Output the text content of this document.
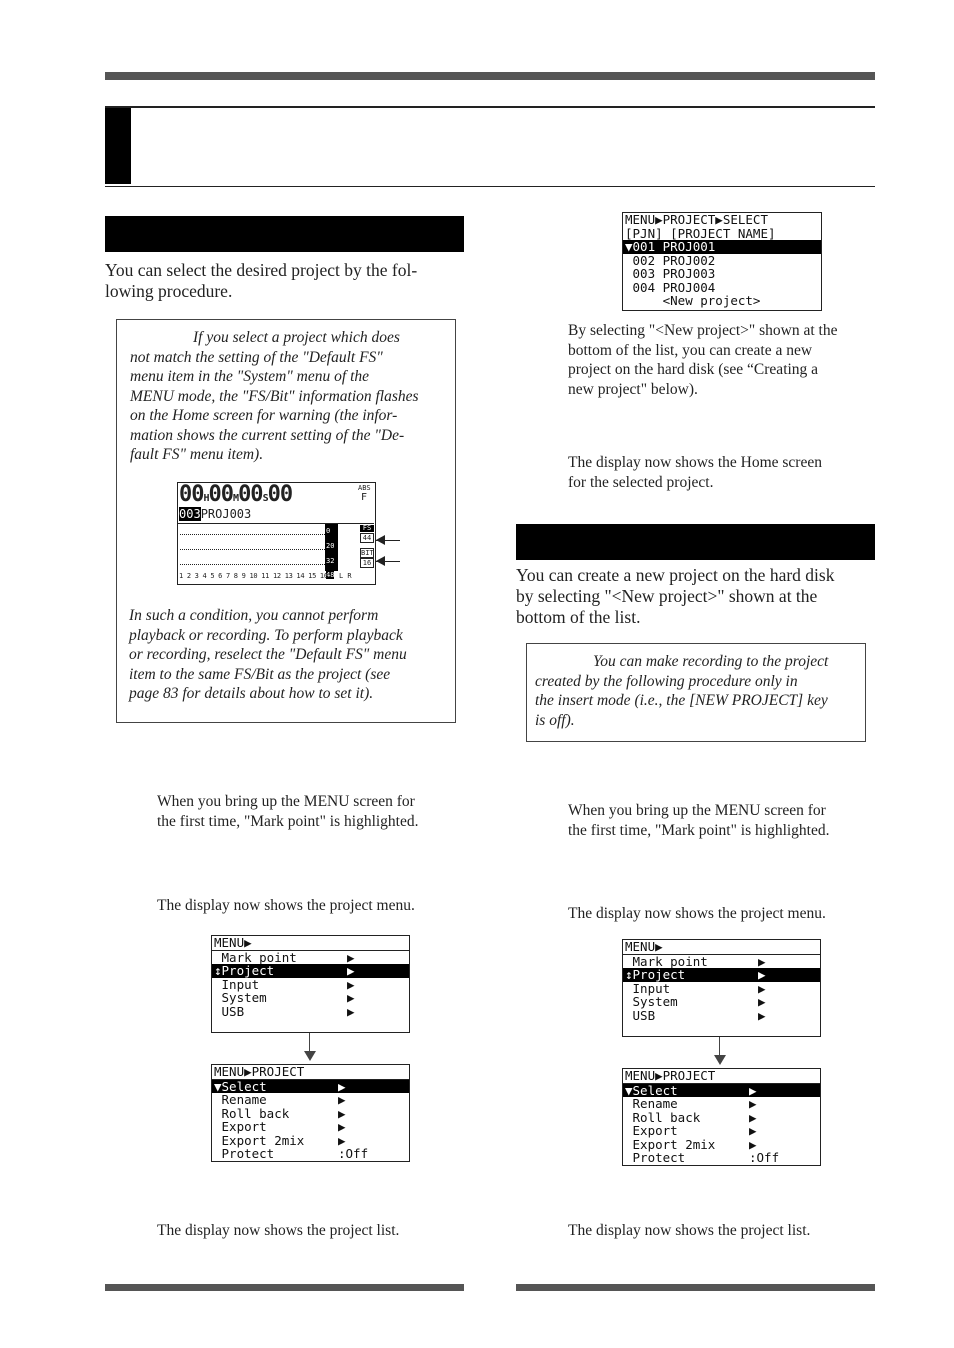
You can select the desired project by the fol-
lowing procedure.
If you select a project which does
not match the setting of the "Default FS"
menu item in the "System" menu of the
MENU mode, the "FS/Bit" information flashes
on the Home screen for warning (the infor-
mation shows the current setting of the "De-
fault FS" menu item).
00H00M00S00	ABS
F
003PROJ003
0
20
32
48 L R
FS
44
BIT
16
1 2 3 4 5 6 7 8 9 10 11 12 13 14 15 16
In such a condition, you cannot perform
playback or recording. To perform playback
or recording, reselect the "Default FS" menu
item to the same FS/Bit as the project (see
page 83 for details about how to set it).
When you bring up the MENU screen for
the first time, "Mark point" is highlighted.
The display now shows the project menu.
MENU▶
Mark point	▶
↕Project	▶
Input	▶
System	▶
USB	▶
MENU▶PROJECT
▼Select	▶
Rename	▶
Roll back	▶
Export	▶
Export 2mix	▶
Protect	:Off
The display now shows the project list.
MENU▶PROJECT▶SELECT
[PJN] [PROJECT NAME]
▼001 PROJ001
002 PROJ002
003 PROJ003
004 PROJ004
<New project>
By selecting "<New project>" shown at the
bottom of the list, you can create a new
project on the hard disk (see “Creating a
new project" below).
The display now shows the Home screen
for the selected project.
You can create a new project on the hard disk
by selecting "<New project>" shown at the
bottom of the list.
You can make recording to the project
created by the following procedure only in
the insert mode (i.e., the [NEW PROJECT] key
is off).
When you bring up the MENU screen for
the first time, "Mark point" is highlighted.
The display now shows the project menu.
MENU▶
Mark point	▶
↕Project	▶
Input	▶
System	▶
USB	▶
MENU▶PROJECT
▼Select	▶
Rename	▶
Roll back	▶
Export	▶
Export 2mix	▶
Protect	:Off
The display now shows the project list.
